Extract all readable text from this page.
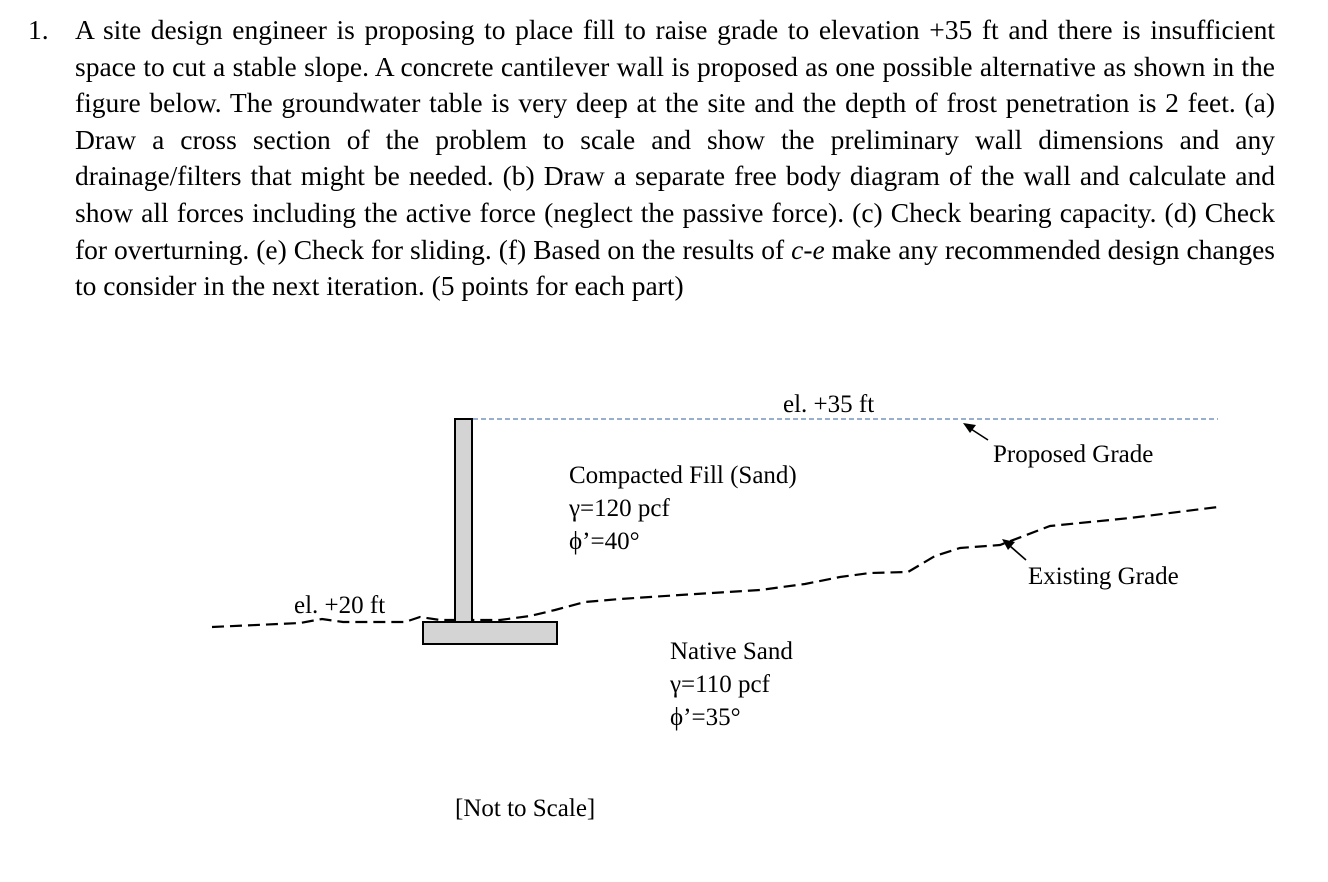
1. A site design engineer is proposing to place fill to raise grade to elevation +35 ft and there is insufficient space to cut a stable slope. A concrete cantilever wall is proposed as one possible alternative as shown in the figure below. The groundwater table is very deep at the site and the depth of frost penetration is 2 feet. (a) Draw a cross section of the problem to scale and show the preliminary wall dimensions and any drainage/filters that might be needed. (b) Draw a separate free body diagram of the wall and calculate and show all forces including the active force (neglect the passive force). (c) Check bearing capacity. (d) Check for overturning. (e) Check for sliding. (f) Based on the results of c-e make any recommended design changes to consider in the next iteration. (5 points for each part)
el. +35 ft
Proposed Grade
Compacted Fill (Sand)
γ=120 pcf
ϕ’=40°
Existing Grade
el. +20 ft
Native Sand
γ=110 pcf
ϕ’=35°
[Not to Scale]
